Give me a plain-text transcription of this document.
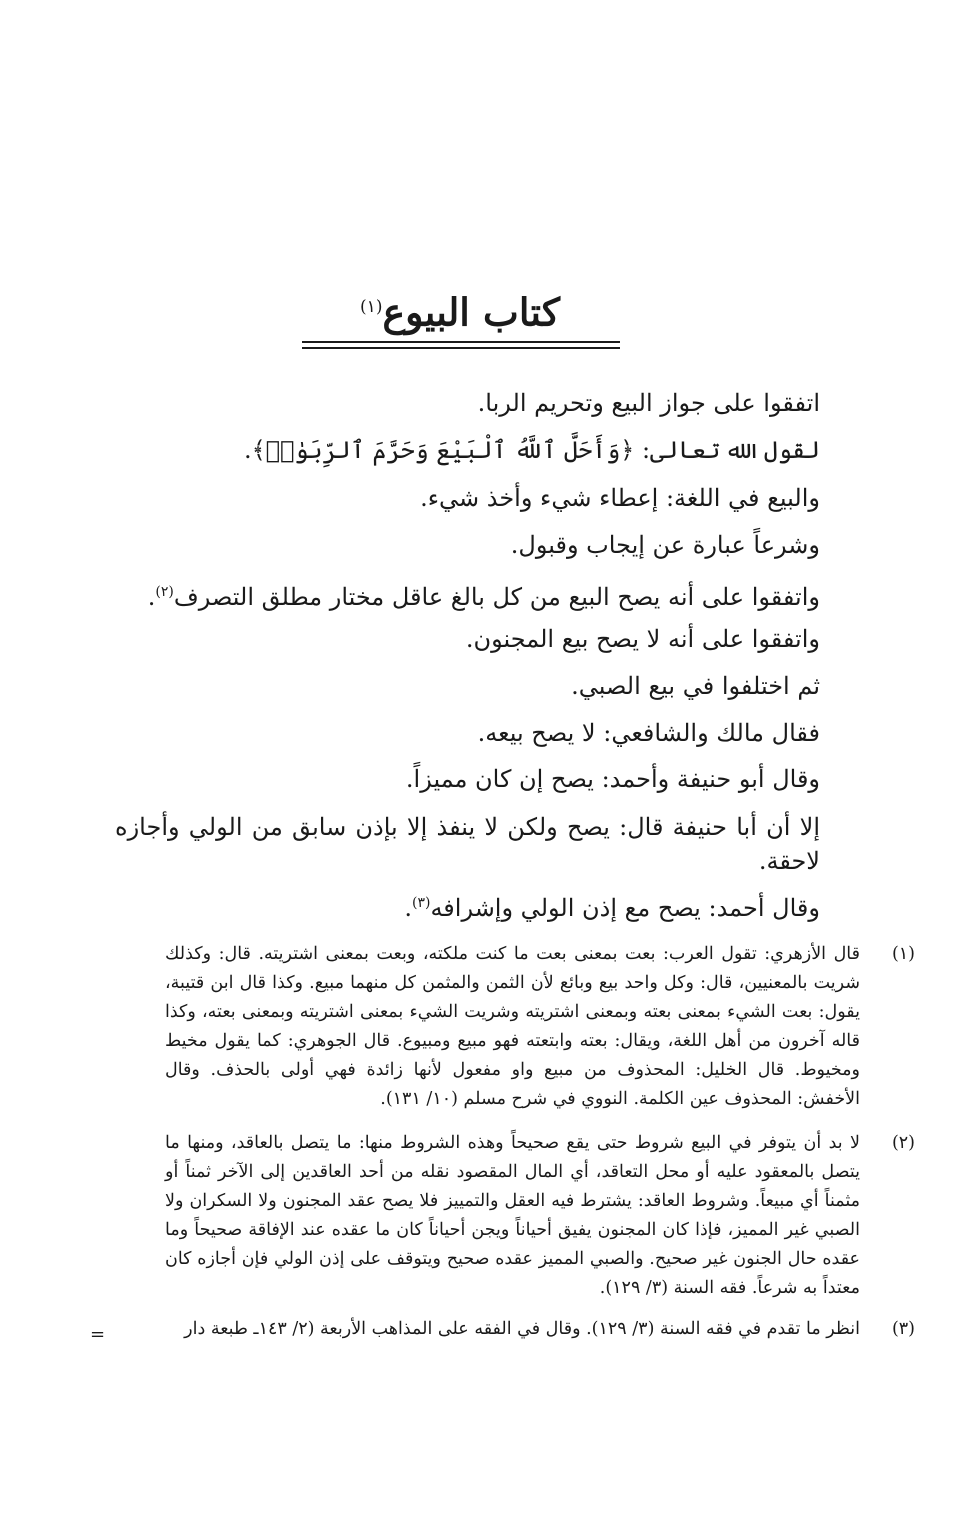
كتاب البيوع$^{(١)}$
اتفقوا على جواز البيع وتحريم الربا.
لقول الله تعالى: ﴿وَأَحَلَّ ٱللَّهُ ٱلْبَيْعَ وَحَرَّمَ ٱلرِّبَوٰا۟﴾.
والبيع في اللغة: إعطاء شيء وأخذ شيء.
وشرعاً عبارة عن إيجاب وقبول.
واتفقوا على أنه يصح البيع من كل بالغ عاقل مختار مطلق التصرف$^{(٢)}$.
واتفقوا على أنه لا يصح بيع المجنون.
ثم اختلفوا في بيع الصبي.
فقال مالك والشافعي: لا يصح بيعه.
وقال أبو حنيفة وأحمد: يصح إن كان مميزاً.
إلا أن أبا حنيفة قال: يصح ولكن لا ينفذ إلا بإذن سابق من الولي وأجازه لاحقة.
وقال أحمد: يصح مع إذن الولي وإشرافه$^{(٣)}$.
(١)
قال الأزهري: تقول العرب: بعت بمعنى بعت ما كنت ملكته، وبعت بمعنى اشتريته. قال: وكذلك شريت بالمعنيين، قال: وكل واحد بيع وبائع لأن الثمن والمثمن كل منهما مبيع. وكذا قال ابن قتيبة، يقول: بعت الشيء بمعنى بعته وبمعنى اشتريته وشريت الشيء بمعنى اشتريته وبمعنى بعته، وكذا قاله آخرون من أهل اللغة، ويقال: بعته وابتعته فهو مبيع ومبيوع. قال الجوهري: كما يقول مخيط ومخيوط. قال الخليل: المحذوف من مبيع واو مفعول لأنها زائدة فهي أولى بالحذف. وقال الأخفش: المحذوف عين الكلمة. النووي في شرح مسلم (١٠/ ١٣١).
(٢)
لا بد أن يتوفر في البيع شروط حتى يقع صحيحاً وهذه الشروط منها: ما يتصل بالعاقد، ومنها ما يتصل بالمعقود عليه أو محل التعاقد، أي المال المقصود نقله من أحد العاقدين إلى الآخر ثمناً أو مثمناً أي مبيعاً. وشروط العاقد: يشترط فيه العقل والتمييز فلا يصح عقد المجنون ولا السكران ولا الصبي غير المميز، فإذا كان المجنون يفيق أحياناً ويجن أحياناً كان ما عقده عند الإفاقة صحيحاً وما عقده حال الجنون غير صحيح. والصبي المميز عقده صحيح ويتوقف على إذن الولي فإن أجازه كان معتداً به شرعاً. فقه السنة (٣/ ١٢٩).
(٣)
انظر ما تقدم في فقه السنة (٣/ ١٢٩). وقال في الفقه على المذاهب الأربعة (٢/ ١٤٣ـ طبعة دار
=
